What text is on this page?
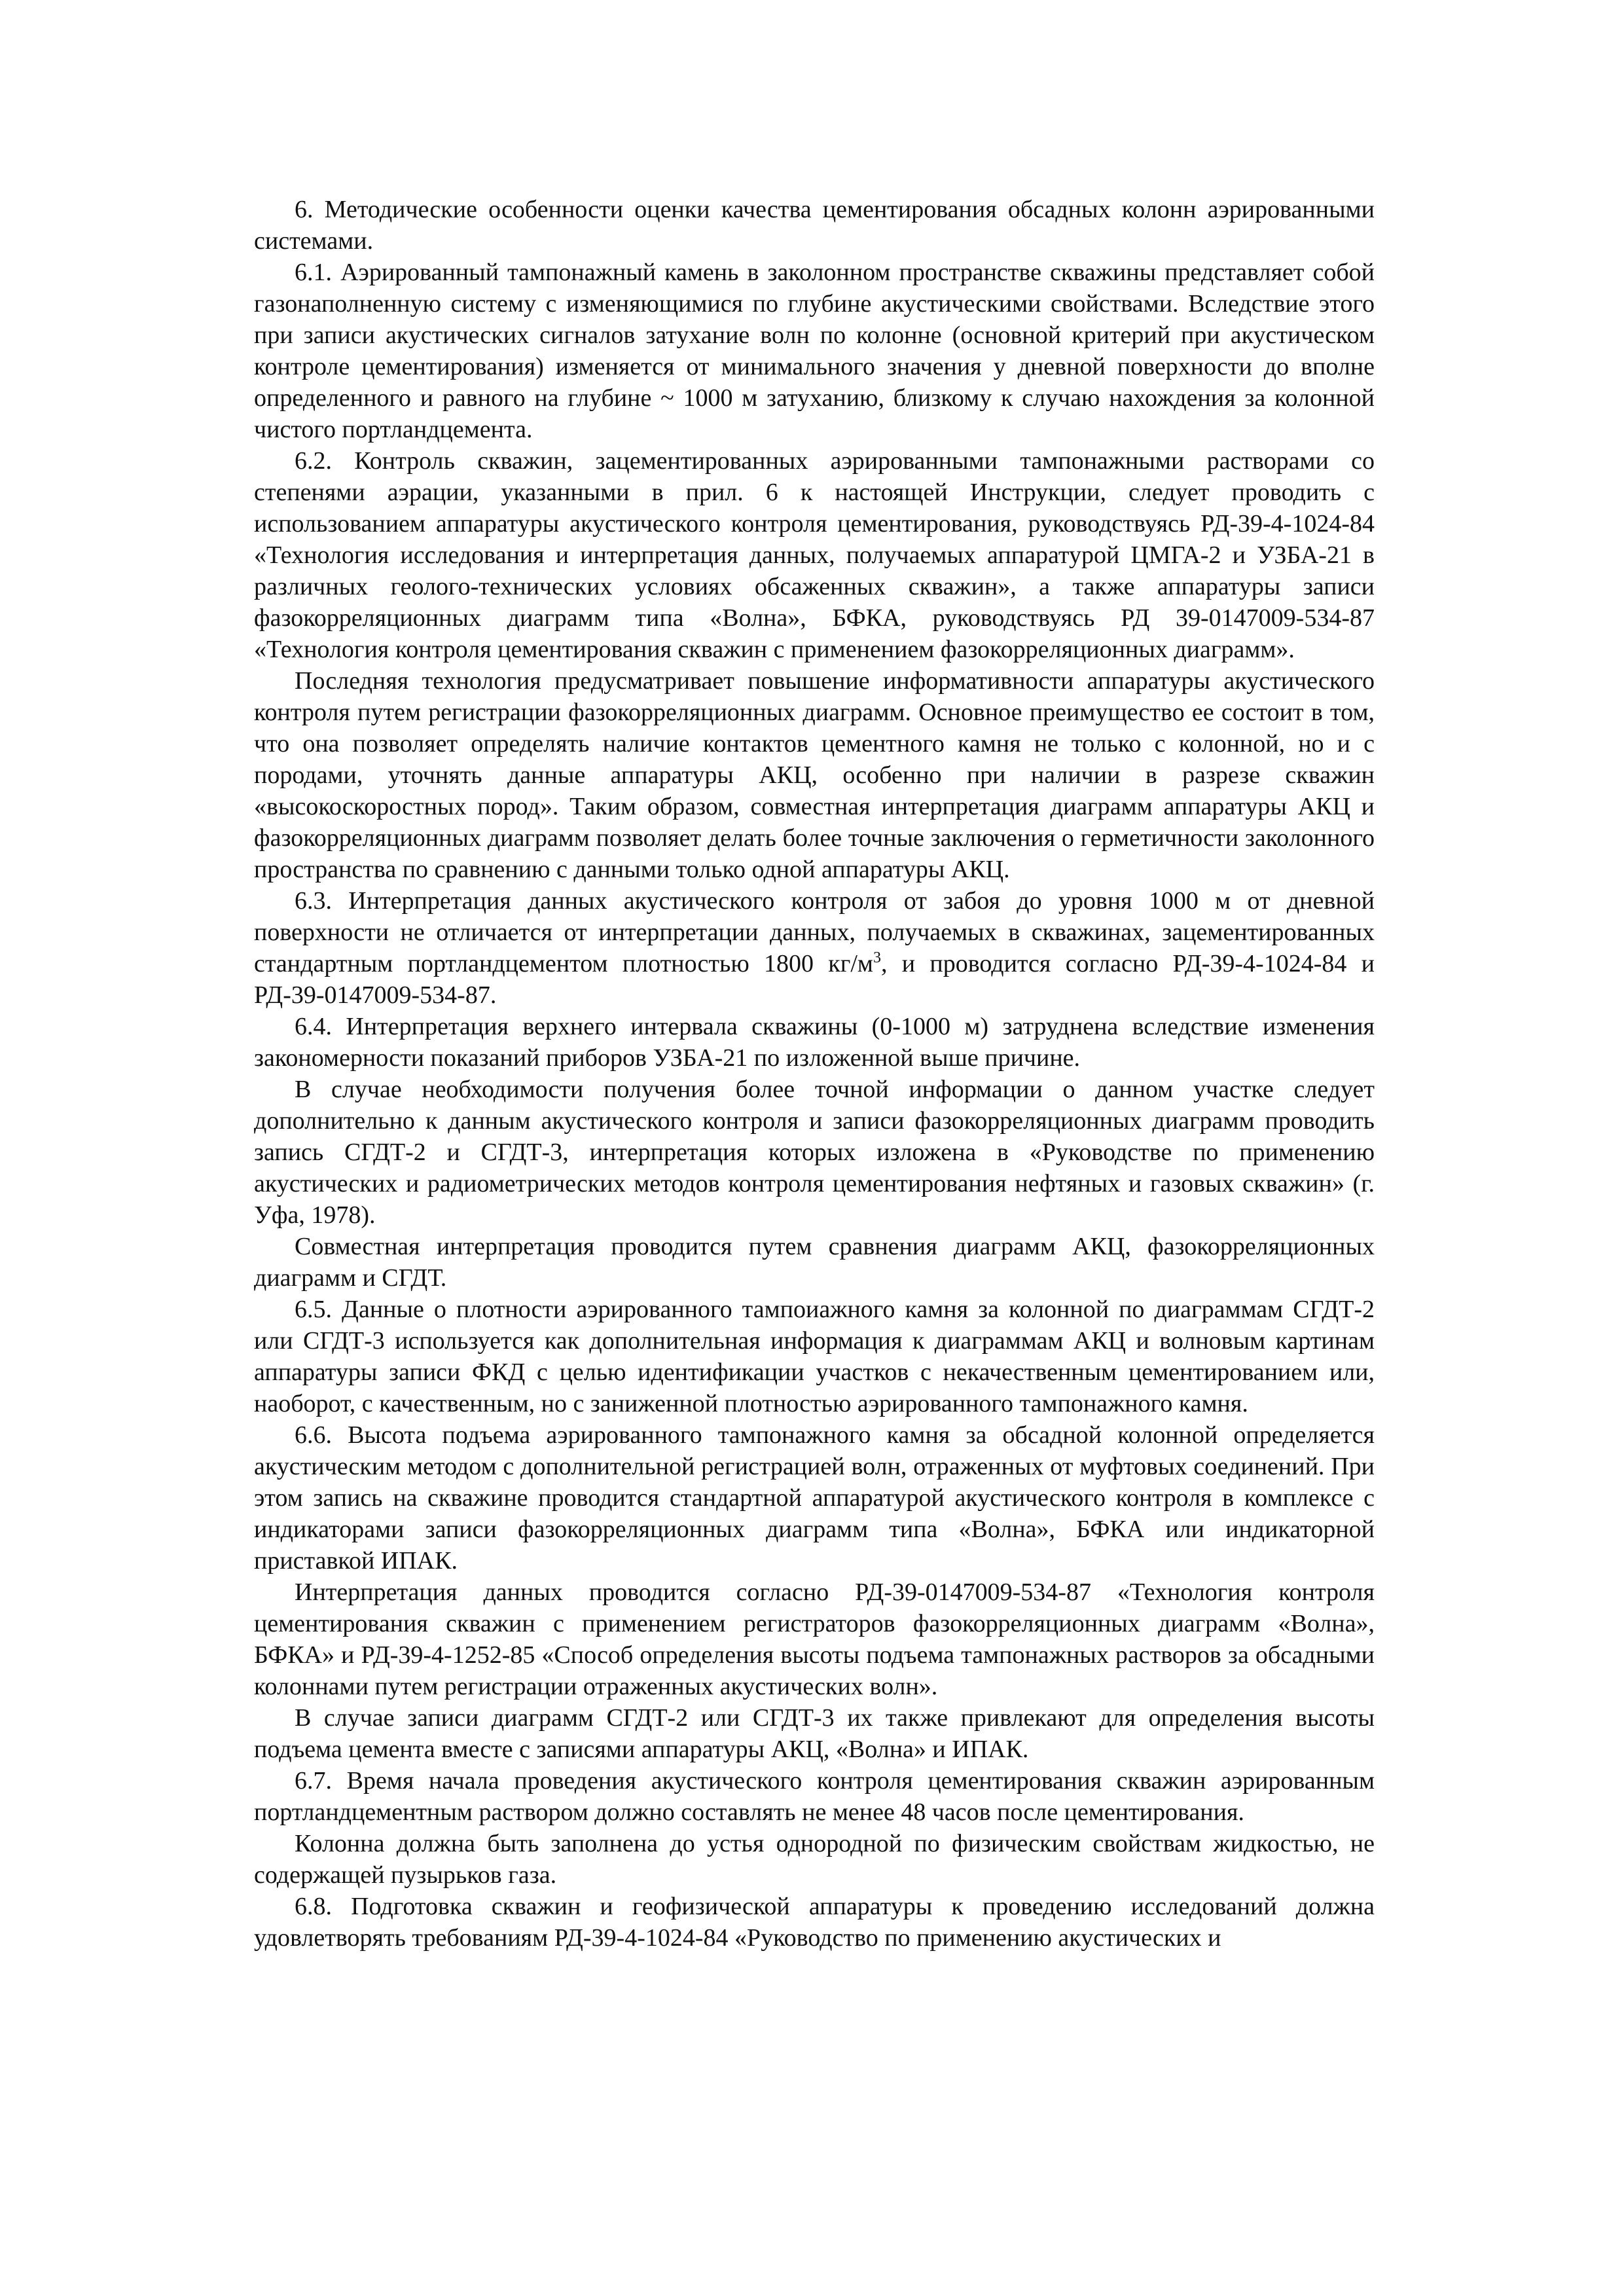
6. Методические особенности оценки качества цементирования обсадных колонн аэрированными системами.

6.1. Аэрированный тампонажный камень в заколонном пространстве скважины представляет собой газонаполненную систему с изменяющимися по глубине акустическими свойствами. Вследствие этого при записи акустических сигналов затухание волн по колонне (основной критерий при акустическом контроле цементирования) изменяется от минимального значения у дневной поверхности до вполне определенного и равного на глубине ~ 1000 м затуханию, близкому к случаю нахождения за колонной чистого портландцемента.

6.2. Контроль скважин, зацементированных аэрированными тампонажными растворами со степенями аэрации, указанными в прил. 6 к настоящей Инструкции, следует проводить с использованием аппаратуры акустического контроля цементирования, руководствуясь РД-39-4-1024-84 «Технология исследования и интерпретация данных, получаемых аппаратурой ЦМГА-2 и УЗБА-21 в различных геолого-технических условиях обсаженных скважин», а также аппаратуры записи фазокорреляционных диаграмм типа «Волна», БФКА, руководствуясь РД 39-0147009-534-87 «Технология контроля цементирования скважин с применением фазокорреляционных диаграмм».

Последняя технология предусматривает повышение информативности аппаратуры акустического контроля путем регистрации фазокорреляционных диаграмм. Основное преимущество ее состоит в том, что она позволяет определять наличие контактов цементного камня не только с колонной, но и с породами, уточнять данные аппаратуры АКЦ, особенно при наличии в разрезе скважин «высокоскоростных пород». Таким образом, совместная интерпретация диаграмм аппаратуры АКЦ и фазокорреляционных диаграмм позволяет делать более точные заключения о герметичности заколонного пространства по сравнению с данными только одной аппаратуры АКЦ.

6.3. Интерпретация данных акустического контроля от забоя до уровня 1000 м от дневной поверхности не отличается от интерпретации данных, получаемых в скважинах, зацементированных стандартным портландцементом плотностью 1800 $кг/м^3$, и проводится согласно РД-39-4-1024-84 и РД-39-0147009-534-87.

6.4. Интерпретация верхнего интервала скважины (0-1000 м) затруднена вследствие изменения закономерности показаний приборов УЗБА-21 по изложенной выше причине.

В случае необходимости получения более точной информации о данном участке следует дополнительно к данным акустического контроля и записи фазокорреляционных диаграмм проводить запись СГДТ-2 и СГДТ-3, интерпретация которых изложена в «Руководстве по применению акустических и радиометрических методов контроля цементирования нефтяных и газовых скважин» (г. Уфа, 1978).

Совместная интерпретация проводится путем сравнения диаграмм АКЦ, фазокорреляционных диаграмм и СГДТ.

6.5. Данные о плотности аэрированного тампоиажного камня за колонной по диаграммам СГДТ-2 или СГДТ-3 используется как дополнительная информация к диаграммам АКЦ и волновым картинам аппаратуры записи ФКД с целью идентификации участков с некачественным цементированием или, наоборот, с качественным, но с заниженной плотностью аэрированного тампонажного камня.

6.6. Высота подъема аэрированного тампонажного камня за обсадной колонной определяется акустическим методом с дополнительной регистрацией волн, отраженных от муфтовых соединений. При этом запись на скважине проводится стандартной аппаратурой акустического контроля в комплексе с индикаторами записи фазокорреляционных диаграмм типа «Волна», БФКА или индикаторной приставкой ИПАК.

Интерпретация данных проводится согласно РД-39-0147009-534-87 «Технология контроля цементирования скважин с применением регистраторов фазокорреляционных диаграмм «Волна», БФКА» и РД-39-4-1252-85 «Способ определения высоты подъема тампонажных растворов за обсадными колоннами путем регистрации отраженных акустических волн».

В случае записи диаграмм СГДТ-2 или СГДТ-3 их также привлекают для определения высоты подъема цемента вместе с записями аппаратуры АКЦ, «Волна» и ИПАК.

6.7. Время начала проведения акустического контроля цементирования скважин аэрированным портландцементным раствором должно составлять не менее 48 часов после цементирования.

Колонна должна быть заполнена до устья однородной по физическим свойствам жидкостью, не содержащей пузырьков газа.

6.8. Подготовка скважин и геофизической аппаратуры к проведению исследований должна удовлетворять требованиям РД-39-4-1024-84 «Руководство по применению акустических и
